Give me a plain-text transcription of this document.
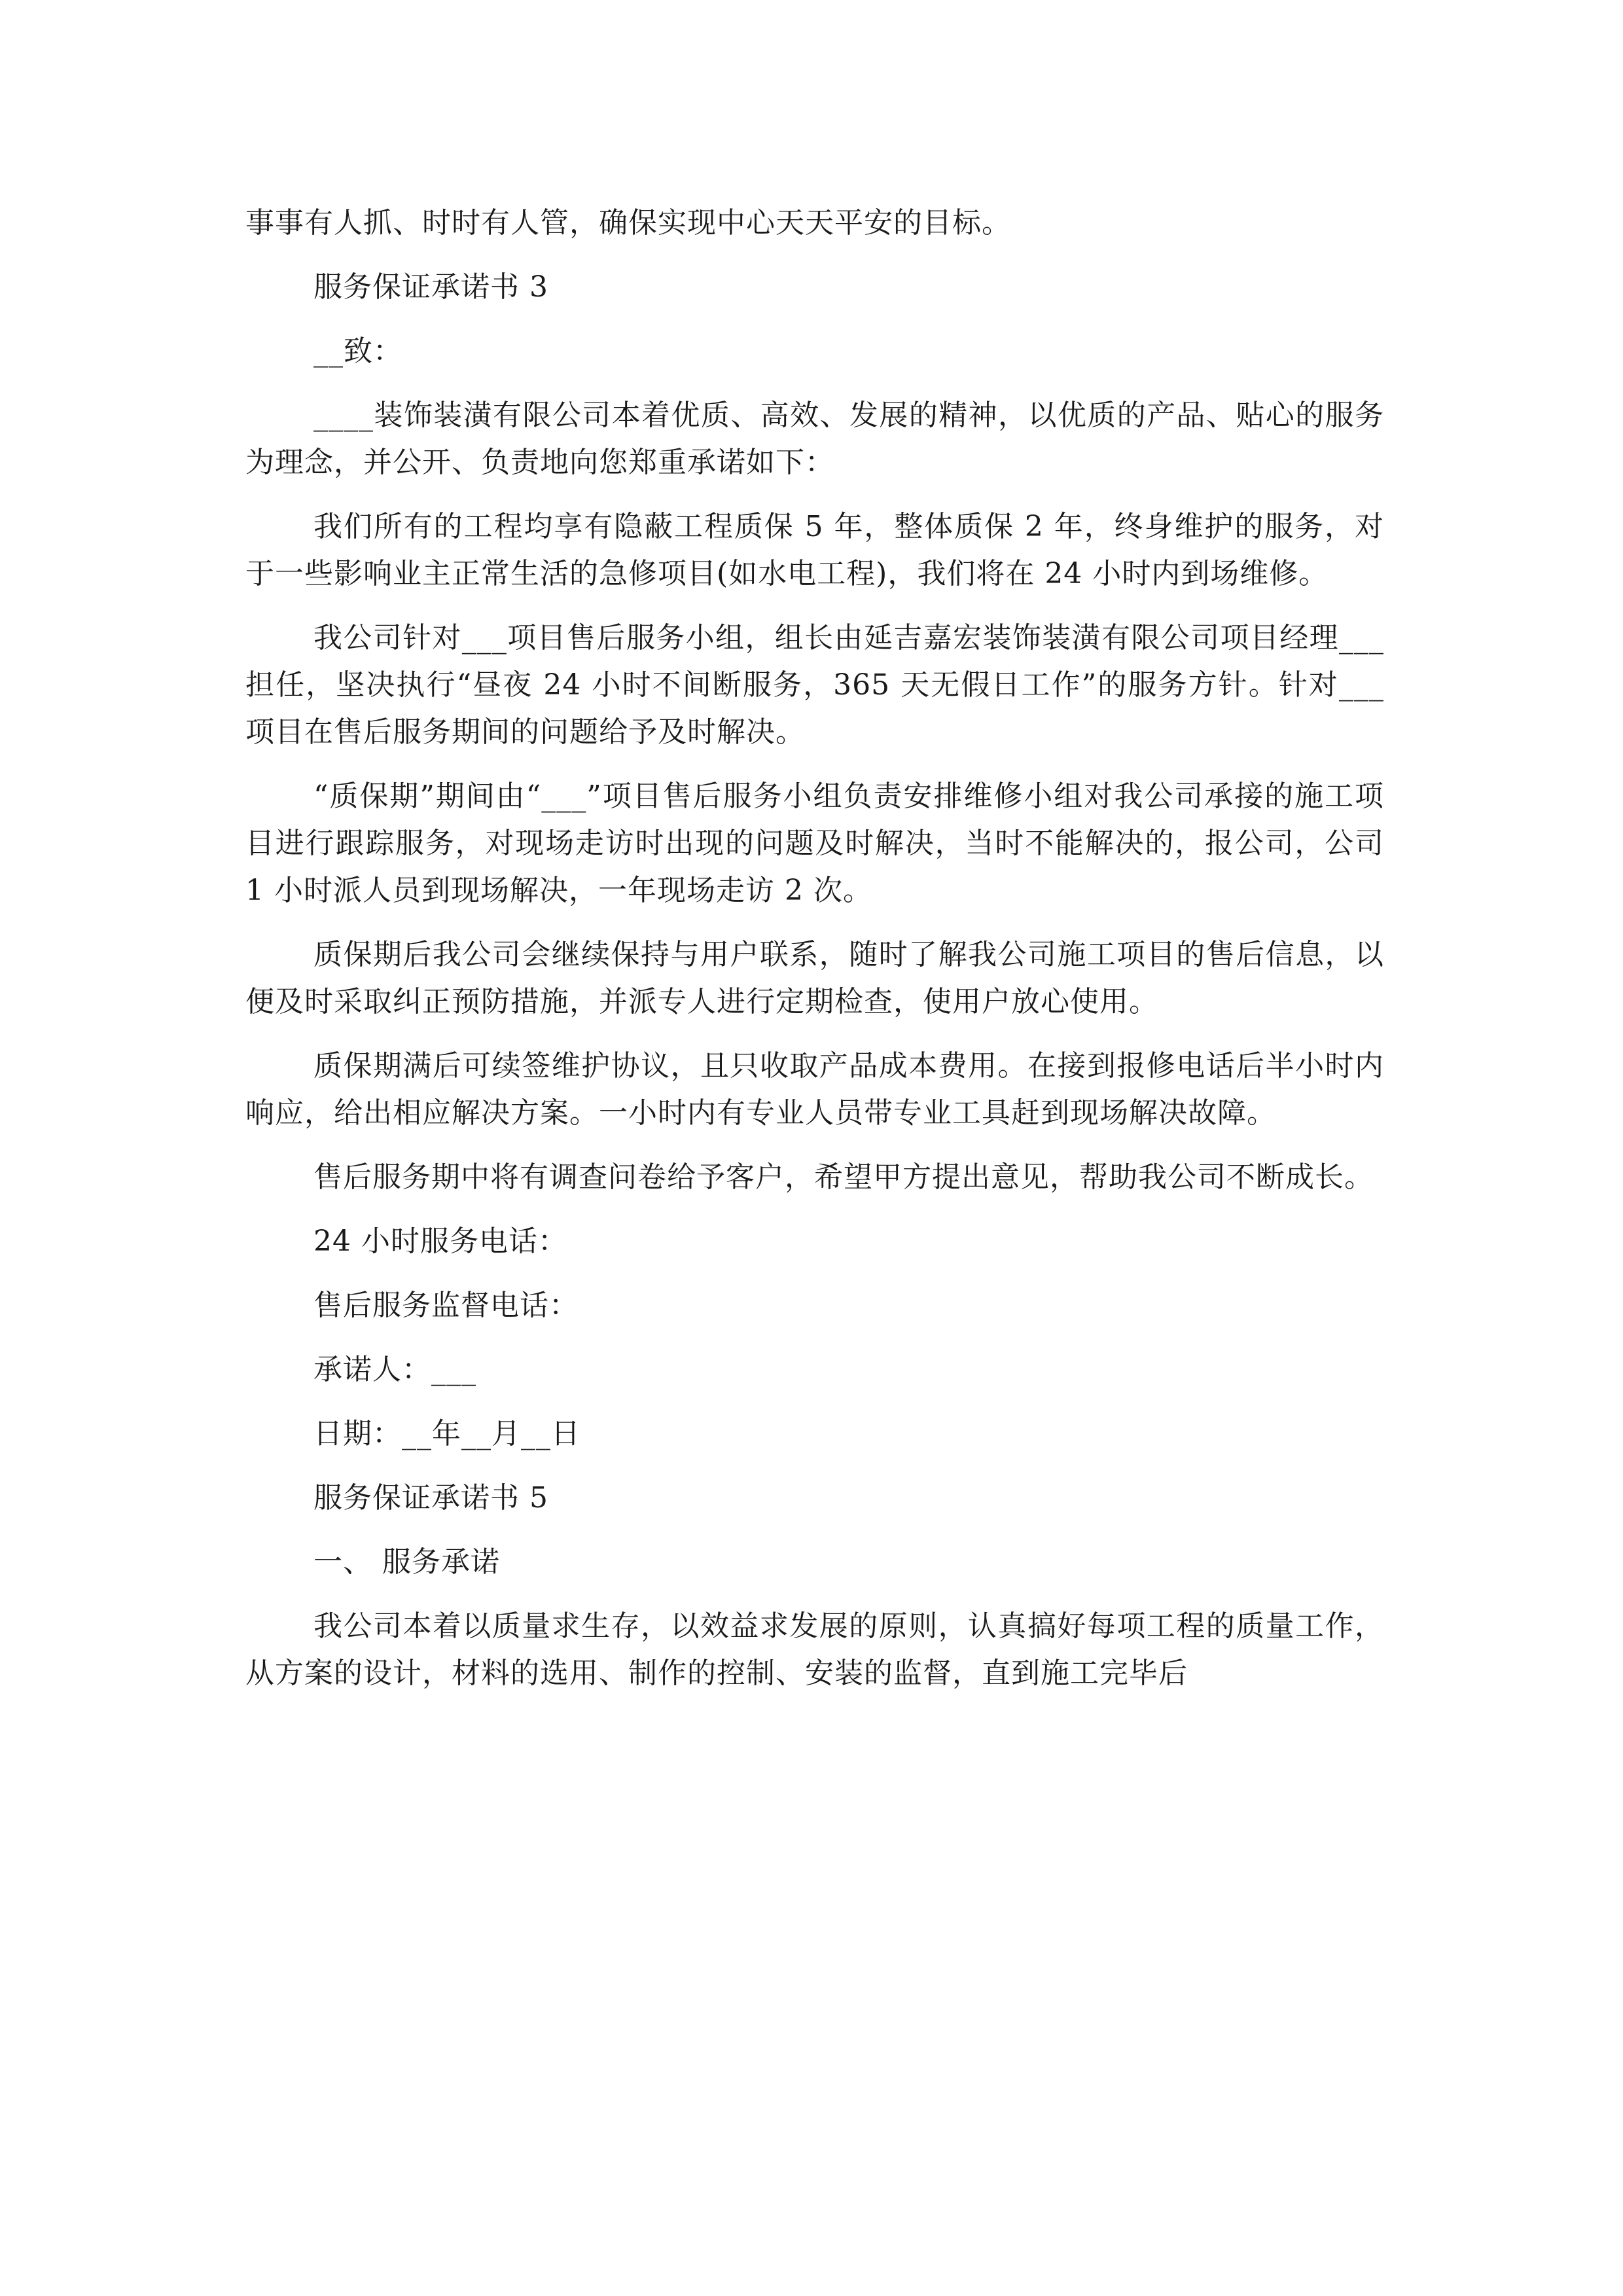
事事有人抓、时时有人管，确保实现中心天天平安的目标。
服务保证承诺书 3
__致：

____装饰装潢有限公司本着优质、高效、发展的精神，以优质的产品、贴心的服务为理念，并公开、负责地向您郑重承诺如下：

我们所有的工程均享有隐蔽工程质保 5 年，整体质保 2 年，终身维护的服务，对于一些影响业主正常生活的急修项目(如水电工程)，我们将在 24 小时内到场维修。

我公司针对___项目售后服务小组，组长由延吉嘉宏装饰装潢有限公司项目经理___担任，坚决执行“昼夜 24 小时不间断服务，365 天无假日工作”的服务方针。针对___项目在售后服务期间的问题给予及时解决。

“质保期”期间由“___”项目售后服务小组负责安排维修小组对我公司承接的施工项目进行跟踪服务，对现场走访时出现的问题及时解决，当时不能解决的，报公司，公司 1 小时派人员到现场解决，一年现场走访 2 次。

质保期后我公司会继续保持与用户联系，随时了解我公司施工项目的售后信息，以便及时采取纠正预防措施，并派专人进行定期检查，使用户放心使用。

质保期满后可续签维护协议，且只收取产品成本费用。在接到报修电话后半小时内响应，给出相应解决方案。一小时内有专业人员带专业工具赶到现场解决故障。

售后服务期中将有调查问卷给予客户，希望甲方提出意见，帮助我公司不断成长。

24 小时服务电话：
售后服务监督电话：
承诺人：___
日期：__年__月__日
服务保证承诺书 5
一、 服务承诺

我公司本着以质量求生存，以效益求发展的原则，认真搞好每项工程的质量工作，从方案的设计，材料的选用、制作的控制、安装的监督，直到施工完毕后
